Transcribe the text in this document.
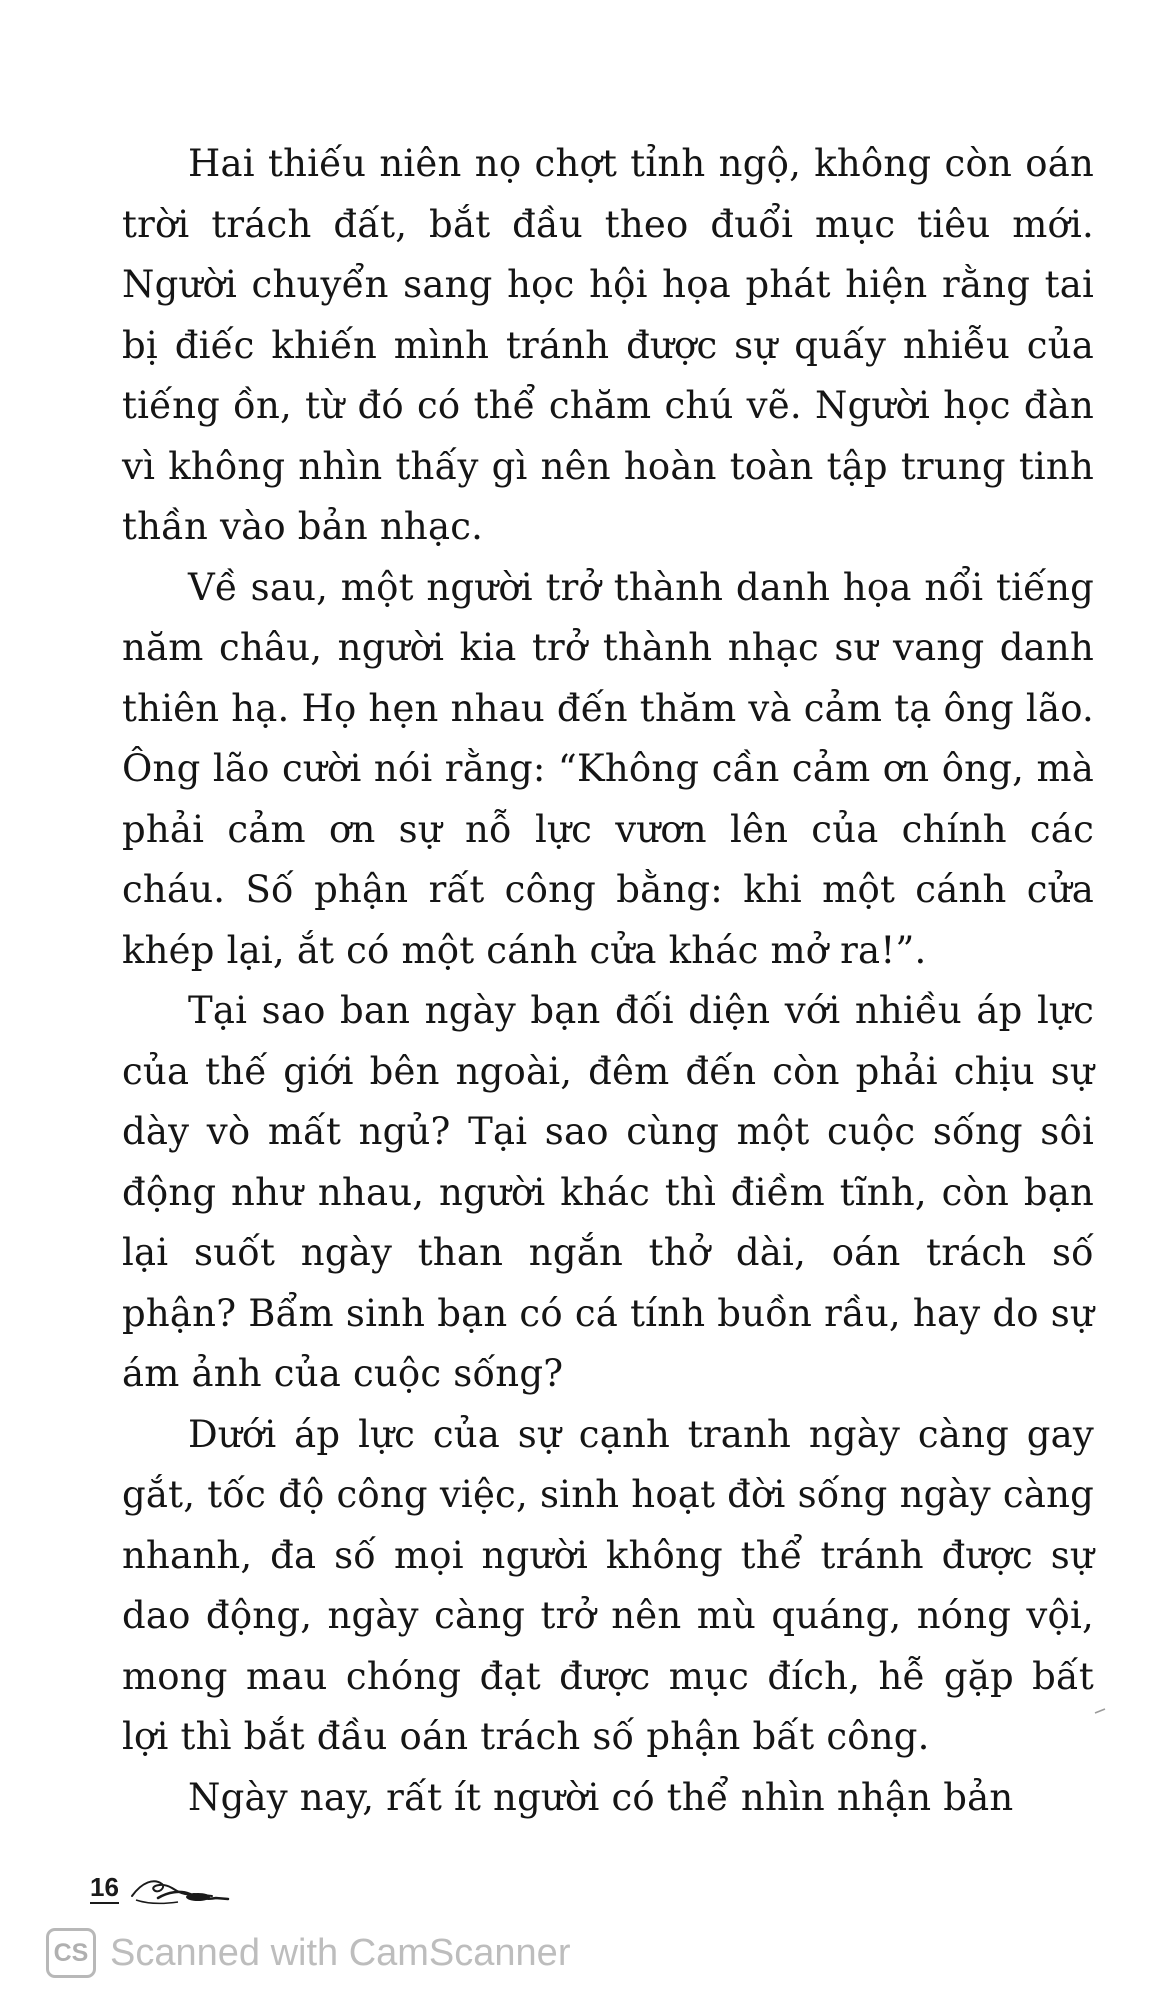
Hai thiếu niên nọ chợt tỉnh ngộ, không còn oán trời trách đất, bắt đầu theo đuổi mục tiêu mới. Người chuyển sang học hội họa phát hiện rằng tai bị điếc khiến mình tránh được sự quấy nhiễu của tiếng ồn, từ đó có thể chăm chú vẽ. Người học đàn vì không nhìn thấy gì nên hoàn toàn tập trung tinh thần vào bản nhạc.

Về sau, một người trở thành danh họa nổi tiếng năm châu, người kia trở thành nhạc sư vang danh thiên hạ. Họ hẹn nhau đến thăm và cảm tạ ông lão. Ông lão cười nói rằng: “Không cần cảm ơn ông, mà phải cảm ơn sự nỗ lực vươn lên của chính các cháu. Số phận rất công bằng: khi một cánh cửa khép lại, ắt có một cánh cửa khác mở ra!”.

Tại sao ban ngày bạn đối diện với nhiều áp lực của thế giới bên ngoài, đêm đến còn phải chịu sự dày vò mất ngủ? Tại sao cùng một cuộc sống sôi động như nhau, người khác thì điềm tĩnh, còn bạn lại suốt ngày than ngắn thở dài, oán trách số phận? Bẩm sinh bạn có cá tính buồn rầu, hay do sự ám ảnh của cuộc sống?

Dưới áp lực của sự cạnh tranh ngày càng gay gắt, tốc độ công việc, sinh hoạt đời sống ngày càng nhanh, đa số mọi người không thể tránh được sự dao động, ngày càng trở nên mù quáng, nóng vội, mong mau chóng đạt được mục đích, hễ gặp bất lợi thì bắt đầu oán trách số phận bất công.

Ngày nay, rất ít người có thể nhìn nhận bản

16
CS Scanned with CamScanner
